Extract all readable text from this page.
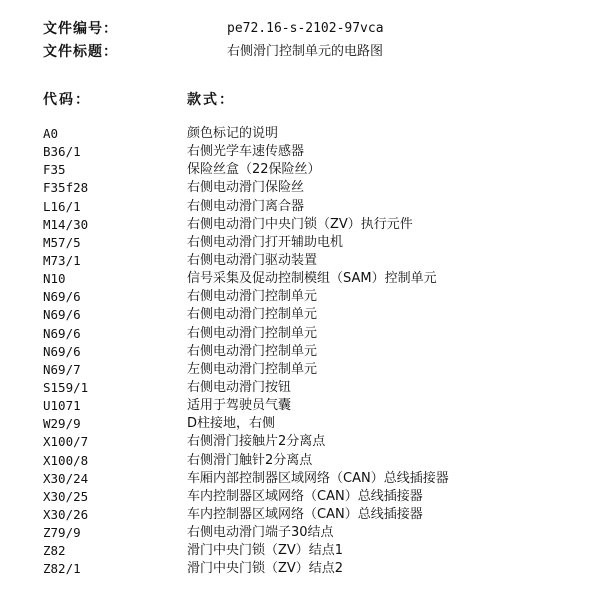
文件编号：	pe72.16-s-2102-97vca
文件标题：	右侧滑门控制单元的电路图
代码：	款式：
A0	颜色标记的说明
B36/1	右侧光学车速传感器
F35	保险丝盒（22保险丝）
F35f28	右侧电动滑门保险丝
L16/1	右侧电动滑门离合器
M14/30	右侧电动滑门中央门锁（ZV）执行元件
M57/5	右侧电动滑门打开辅助电机
M73/1	右侧电动滑门驱动装置
N10	信号采集及促动控制模组（SAM）控制单元
N69/6	右侧电动滑门控制单元
N69/6	右侧电动滑门控制单元
N69/6	右侧电动滑门控制单元
N69/6	右侧电动滑门控制单元
N69/7	左侧电动滑门控制单元
S159/1	右侧电动滑门按钮
U1071	适用于驾驶员气囊
W29/9	D柱接地，右侧
X100/7	右侧滑门接触片2分离点
X100/8	右侧滑门触针2分离点
X30/24	车厢内部控制器区域网络（CAN）总线插接器
X30/25	车内控制器区域网络（CAN）总线插接器
X30/26	车内控制器区域网络（CAN）总线插接器
Z79/9	右侧电动滑门端子30结点
Z82	滑门中央门锁（ZV）结点1
Z82/1	滑门中央门锁（ZV）结点2
